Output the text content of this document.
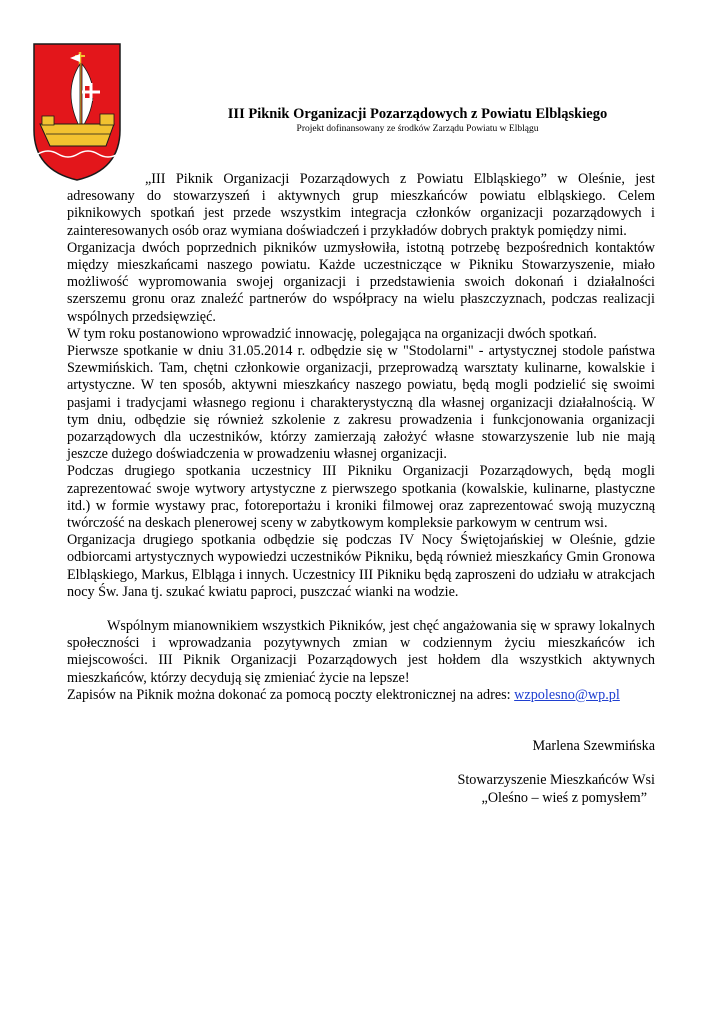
III Piknik Organizacji Pozarządowych z Powiatu Elbląskiego
Projekt dofinansowany ze środków Zarządu Powiatu w Elblągu

„III Piknik Organizacji Pozarządowych z Powiatu Elbląskiego” w Oleśnie, jest adresowany do stowarzyszeń i aktywnych grup mieszkańców powiatu elbląskiego. Celem piknikowych spotkań jest przede wszystkim integracja członków organizacji pozarządowych i zainteresowanych osób oraz wymiana doświadczeń i przykładów dobrych praktyk pomiędzy nimi.

Organizacja dwóch poprzednich pikników uzmysłowiła, istotną potrzebę bezpośrednich kontaktów między mieszkańcami naszego powiatu. Każde uczestniczące w Pikniku Stowarzyszenie, miało możliwość wypromowania swojej organizacji i przedstawienia swoich dokonań i działalności szerszemu gronu oraz znaleźć partnerów do współpracy na wielu płaszczyznach, podczas realizacji wspólnych przedsięwzięć.

W tym roku postanowiono wprowadzić innowację, polegająca na organizacji dwóch spotkań.

Pierwsze spotkanie w dniu 31.05.2014 r. odbędzie się w "Stodolarni" - artystycznej stodole państwa Szewmińskich. Tam, chętni członkowie organizacji, przeprowadzą warsztaty kulinarne, kowalskie i artystyczne. W ten sposób, aktywni mieszkańcy naszego powiatu, będą mogli podzielić się swoimi pasjami i tradycjami własnego regionu i charakterystyczną dla własnej organizacji działalnością. W tym dniu, odbędzie się również szkolenie z zakresu prowadzenia i funkcjonowania organizacji pozarządowych dla uczestników, którzy zamierzają założyć własne stowarzyszenie lub nie mają jeszcze dużego doświadczenia w prowadzeniu własnej organizacji.

Podczas drugiego spotkania uczestnicy III Pikniku Organizacji Pozarządowych, będą mogli zaprezentować swoje wytwory artystyczne z pierwszego spotkania (kowalskie, kulinarne, plastyczne itd.) w formie wystawy prac, fotoreportażu i kroniki filmowej oraz zaprezentować swoją muzyczną twórczość na deskach plenerowej sceny w zabytkowym kompleksie parkowym w centrum wsi.

Organizacja drugiego spotkania odbędzie się podczas IV Nocy Świętojańskiej w Oleśnie, gdzie odbiorcami artystycznych wypowiedzi uczestników Pikniku, będą również mieszkańcy Gmin Gronowa Elbląskiego, Markus, Elbląga i innych. Uczestnicy III Pikniku będą zaproszeni do udziału w atrakcjach nocy Św. Jana tj. szukać kwiatu paproci, puszczać wianki na wodzie.

Wspólnym mianownikiem wszystkich Pikników, jest chęć angażowania się w sprawy lokalnych społeczności i wprowadzania pozytywnych zmian w codziennym życiu mieszkańców ich miejscowości. III Piknik Organizacji Pozarządowych jest hołdem dla wszystkich aktywnych mieszkańców, którzy decydują się zmieniać życie na lepsze!

Zapisów na Piknik można dokonać za pomocą poczty elektronicznej na adres: wzpolesno@wp.pl

Marlena Szewmińska

Stowarzyszenie Mieszkańców Wsi

„Oleśno – wieś z pomysłem”
